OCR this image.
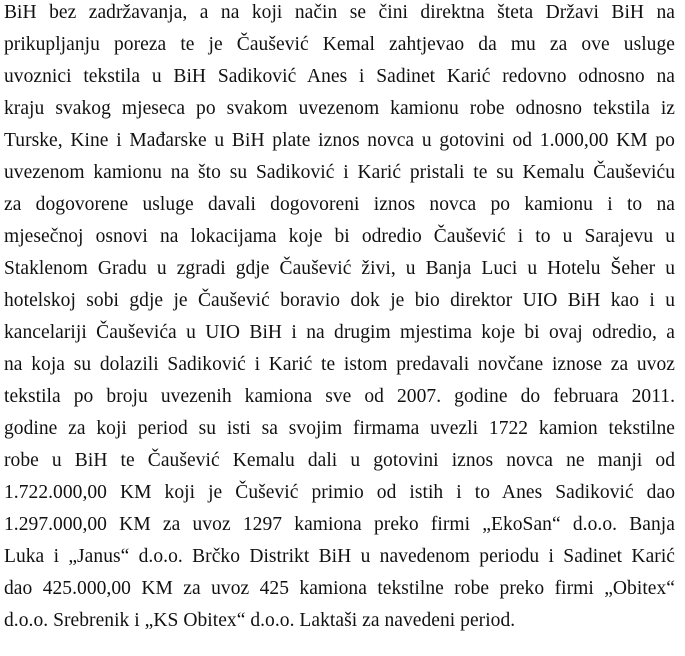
BiH bez zadržavanja, a na koji način se čini direktna šteta Državi BiH na

prikupljanju poreza te je Čaušević Kemal zahtjevao da mu za ove usluge

uvoznici tekstila u BiH Sadiković Anes i Sadinet Karić redovno odnosno na

kraju svakog mjeseca po svakom uvezenom kamionu robe odnosno tekstila iz

Turske, Kine i Mađarske u BiH plate iznos novca u gotovini od 1.000,00 KM po

uvezenom kamionu na što su Sadiković i Karić pristali te su Kemalu Čauševiću

za dogovorene usluge davali dogovoreni iznos novca po kamionu i to na

mjesečnoj osnovi na lokacijama koje bi odredio Čaušević i to u Sarajevu u

Staklenom Gradu u zgradi gdje Čaušević živi, u Banja Luci u Hotelu Šeher u

hotelskoj sobi gdje je Čaušević boravio dok je bio direktor UIO BiH kao i u

kancelariji Čauševića u UIO BiH i na drugim mjestima koje bi ovaj odredio, a

na koja su dolazili Sadiković i Karić te istom predavali novčane iznose za uvoz

tekstila po broju uvezenih kamiona sve od 2007. godine do februara 2011.

godine za koji period su isti sa svojim firmama uvezli 1722 kamion tekstilne

robe u BiH te Čaušević Kemalu dali u gotovini iznos novca ne manji od

1.722.000,00 KM koji je Čušević primio od istih i to Anes Sadiković dao

1.297.000,00 KM za uvoz 1297 kamiona preko firmi „EkoSan“ d.o.o. Banja

Luka i „Janus“ d.o.o. Brčko Distrikt BiH u navedenom periodu i Sadinet Karić

dao 425.000,00 KM za uvoz 425 kamiona tekstilne robe preko firmi „Obitex“

d.o.o. Srebrenik i „KS Obitex“ d.o.o. Laktaši za navedeni period.
